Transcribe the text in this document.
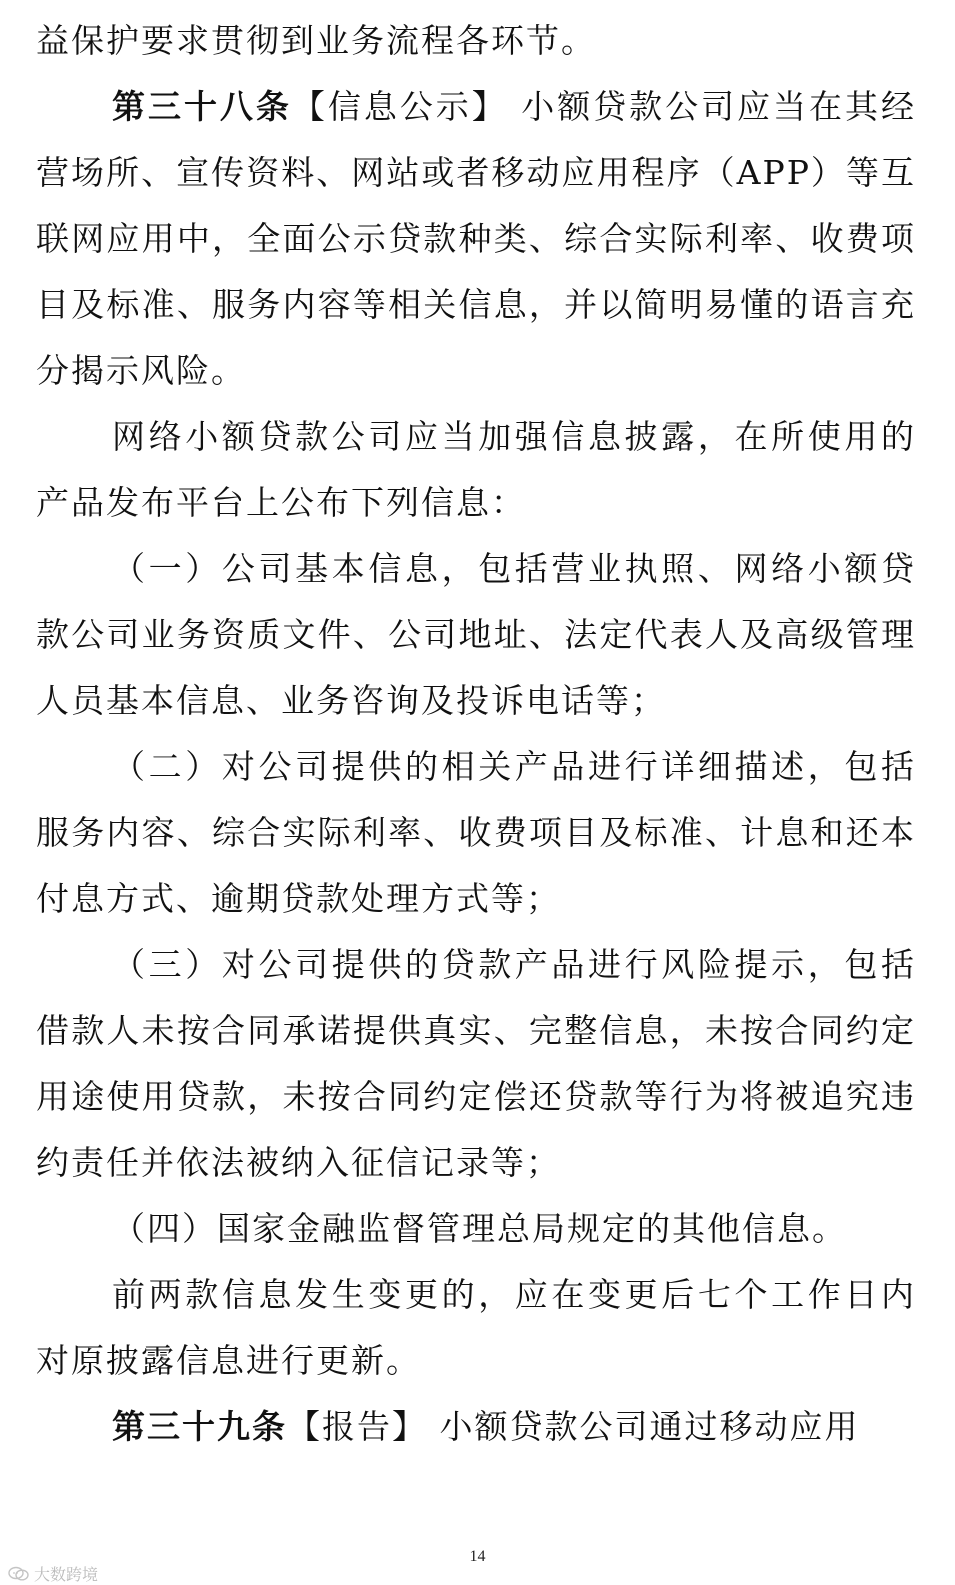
益保护要求贯彻到业务流程各环节。

第三十八条【信息公示】 小额贷款公司应当在其经营场所、宣传资料、网站或者移动应用程序（APP）等互联网应用中，全面公示贷款种类、综合实际利率、收费项目及标准、服务内容等相关信息，并以简明易懂的语言充分揭示风险。

网络小额贷款公司应当加强信息披露，在所使用的产品发布平台上公布下列信息：

（一）公司基本信息，包括营业执照、网络小额贷款公司业务资质文件、公司地址、法定代表人及高级管理人员基本信息、业务咨询及投诉电话等；

（二）对公司提供的相关产品进行详细描述，包括服务内容、综合实际利率、收费项目及标准、计息和还本付息方式、逾期贷款处理方式等；

（三）对公司提供的贷款产品进行风险提示，包括借款人未按合同承诺提供真实、完整信息，未按合同约定用途使用贷款，未按合同约定偿还贷款等行为将被追究违约责任并依法被纳入征信记录等；

（四）国家金融监督管理总局规定的其他信息。

前两款信息发生变更的，应在变更后七个工作日内对原披露信息进行更新。

第三十九条【报告】 小额贷款公司通过移动应用

14
大数跨境
